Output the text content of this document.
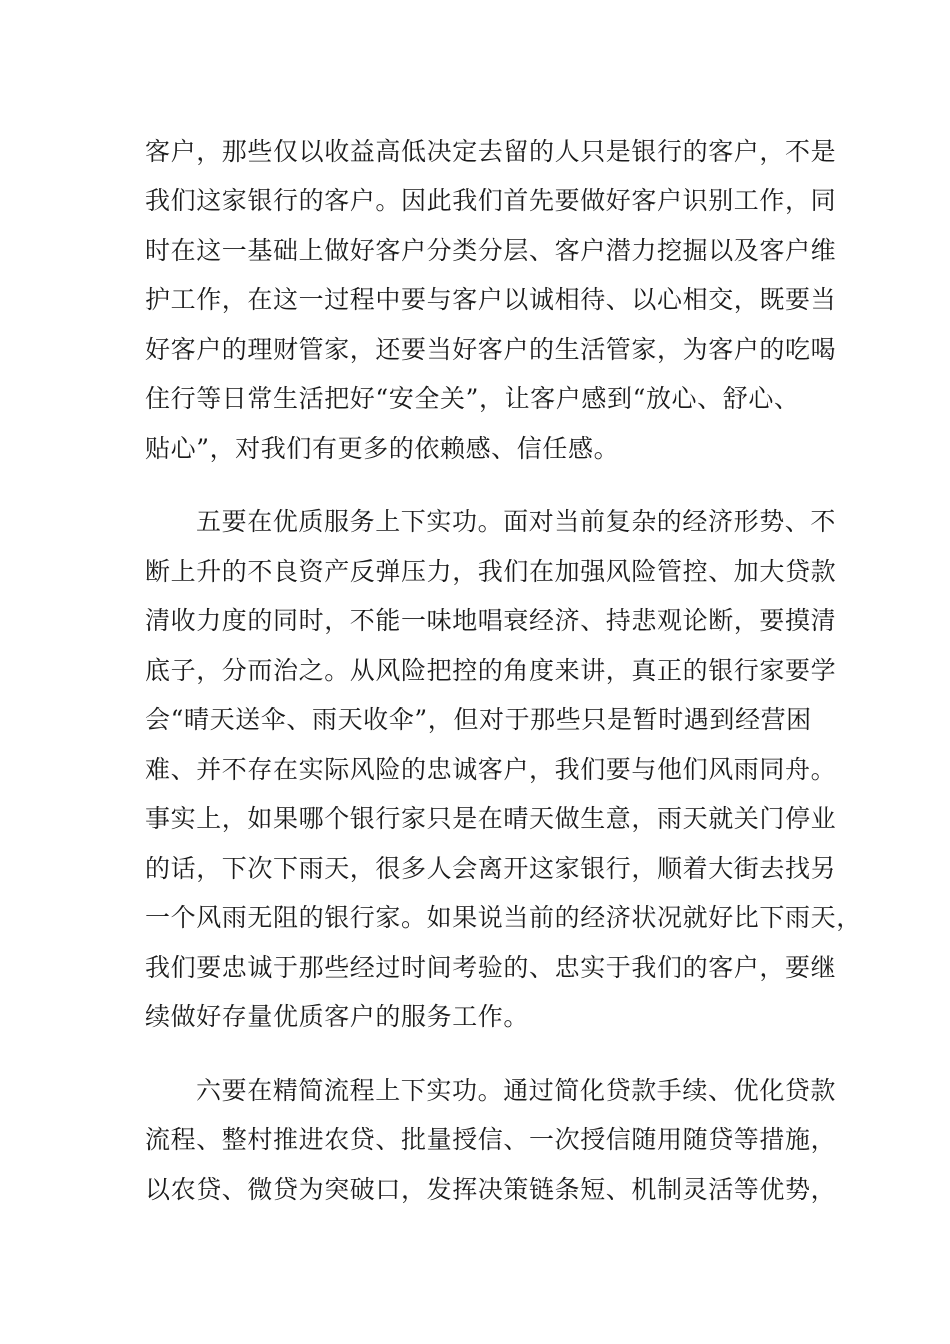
客户，那些仅以收益高低决定去留的人只是银行的客户，不是
我们这家银行的客户。因此我们首先要做好客户识别工作，同
时在这一基础上做好客户分类分层、客户潜力挖掘以及客户维
护工作，在这一过程中要与客户以诚相待、以心相交，既要当
好客户的理财管家，还要当好客户的生活管家，为客户的吃喝
住行等日常生活把好“安全关”，让客户感到“放心、舒心、
贴心”，对我们有更多的依赖感、信任感。
五要在优质服务上下实功。面对当前复杂的经济形势、不
断上升的不良资产反弹压力，我们在加强风险管控、加大贷款
清收力度的同时，不能一味地唱衰经济、持悲观论断，要摸清
底子，分而治之。从风险把控的角度来讲，真正的银行家要学
会“晴天送伞、雨天收伞”，但对于那些只是暂时遇到经营困
难、并不存在实际风险的忠诚客户，我们要与他们风雨同舟。
事实上，如果哪个银行家只是在晴天做生意，雨天就关门停业
的话，下次下雨天，很多人会离开这家银行，顺着大街去找另
一个风雨无阻的银行家。如果说当前的经济状况就好比下雨天，
我们要忠诚于那些经过时间考验的、忠实于我们的客户，要继
续做好存量优质客户的服务工作。
六要在精简流程上下实功。通过简化贷款手续、优化贷款
流程、整村推进农贷、批量授信、一次授信随用随贷等措施，
以农贷、微贷为突破口，发挥决策链条短、机制灵活等优势，
